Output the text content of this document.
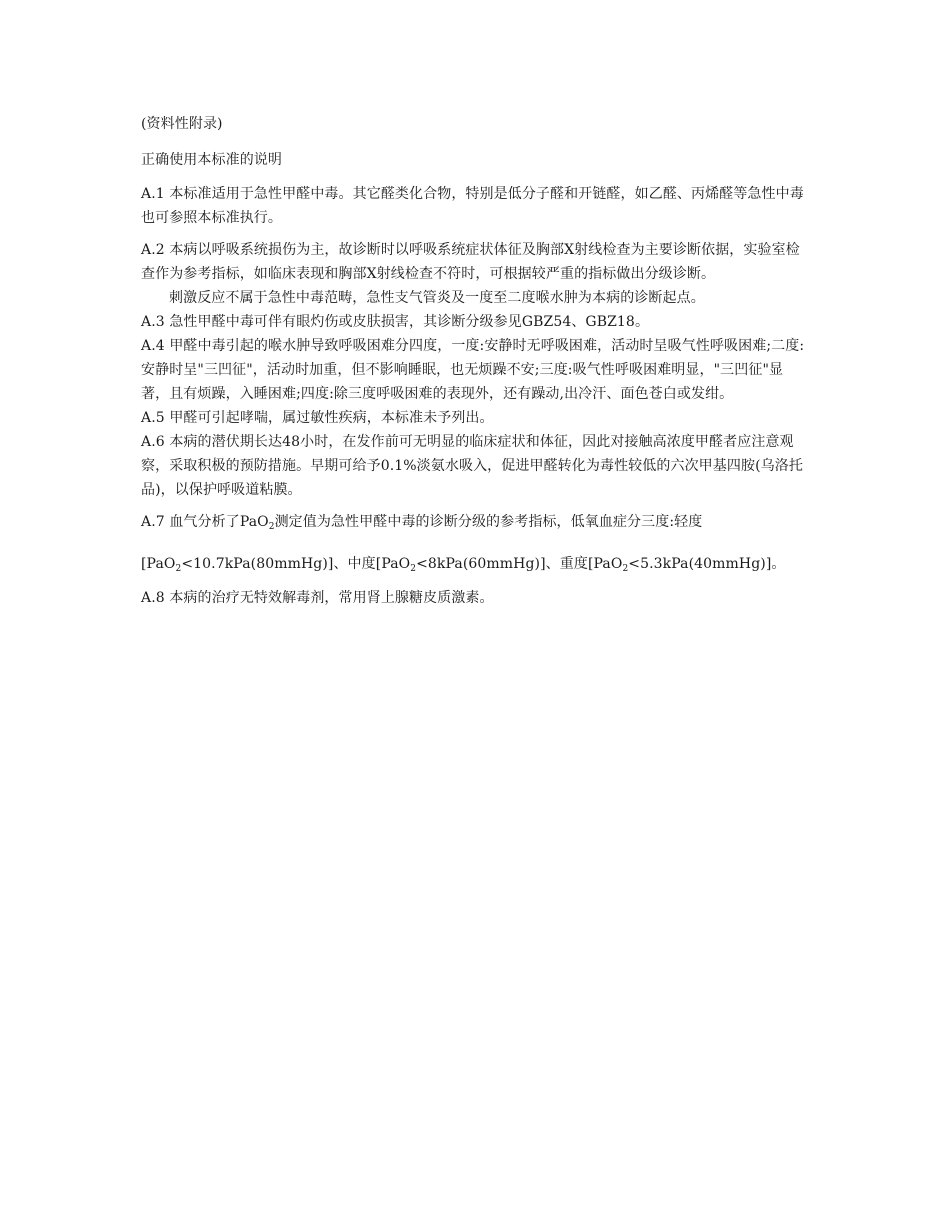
(资料性附录)

正确使用本标准的说明

A.1 本标准适用于急性甲醛中毒。其它醛类化合物，特别是低分子醛和开链醛，如乙醛、丙烯醛等急性中毒也可参照本标准执行。

A.2 本病以呼吸系统损伤为主，故诊断时以呼吸系统症状体征及胸部X射线检查为主要诊断依据，实验室检查作为参考指标，如临床表现和胸部X射线检查不符时，可根据较严重的指标做出分级诊断。

刺激反应不属于急性中毒范畴，急性支气管炎及一度至二度喉水肿为本病的诊断起点。

A.3 急性甲醛中毒可伴有眼灼伤或皮肤损害，其诊断分级参见GBZ54、GBZ18。

A.4 甲醛中毒引起的喉水肿导致呼吸困难分四度，一度:安静时无呼吸困难，活动时呈吸气性呼吸困难;二度:安静时呈"三凹征"，活动时加重，但不影响睡眠，也无烦躁不安;三度:吸气性呼吸困难明显，"三凹征"显著，且有烦躁，入睡困难;四度:除三度呼吸困难的表现外，还有躁动,出冷汗、面色苍白或发绀。

A.5 甲醛可引起哮喘，属过敏性疾病，本标准未予列出。

A.6 本病的潜伏期长达48小时，在发作前可无明显的临床症状和体征，因此对接触高浓度甲醛者应注意观察，采取积极的预防措施。早期可给予0.1%淡氨水吸入，促进甲醛转化为毒性较低的六次甲基四胺(乌洛托品)，以保护呼吸道粘膜。

A.7 血气分析了PaO$_2$测定值为急性甲醛中毒的诊断分级的参考指标，低氧血症分三度:轻度

[PaO$_2$<10.7kPa(80mmHg)]、中度[PaO$_2$<8kPa(60mmHg)]、重度[PaO$_2$<5.3kPa(40mmHg)]。

A.8 本病的治疗无特效解毒剂，常用肾上腺糖皮质激素。
